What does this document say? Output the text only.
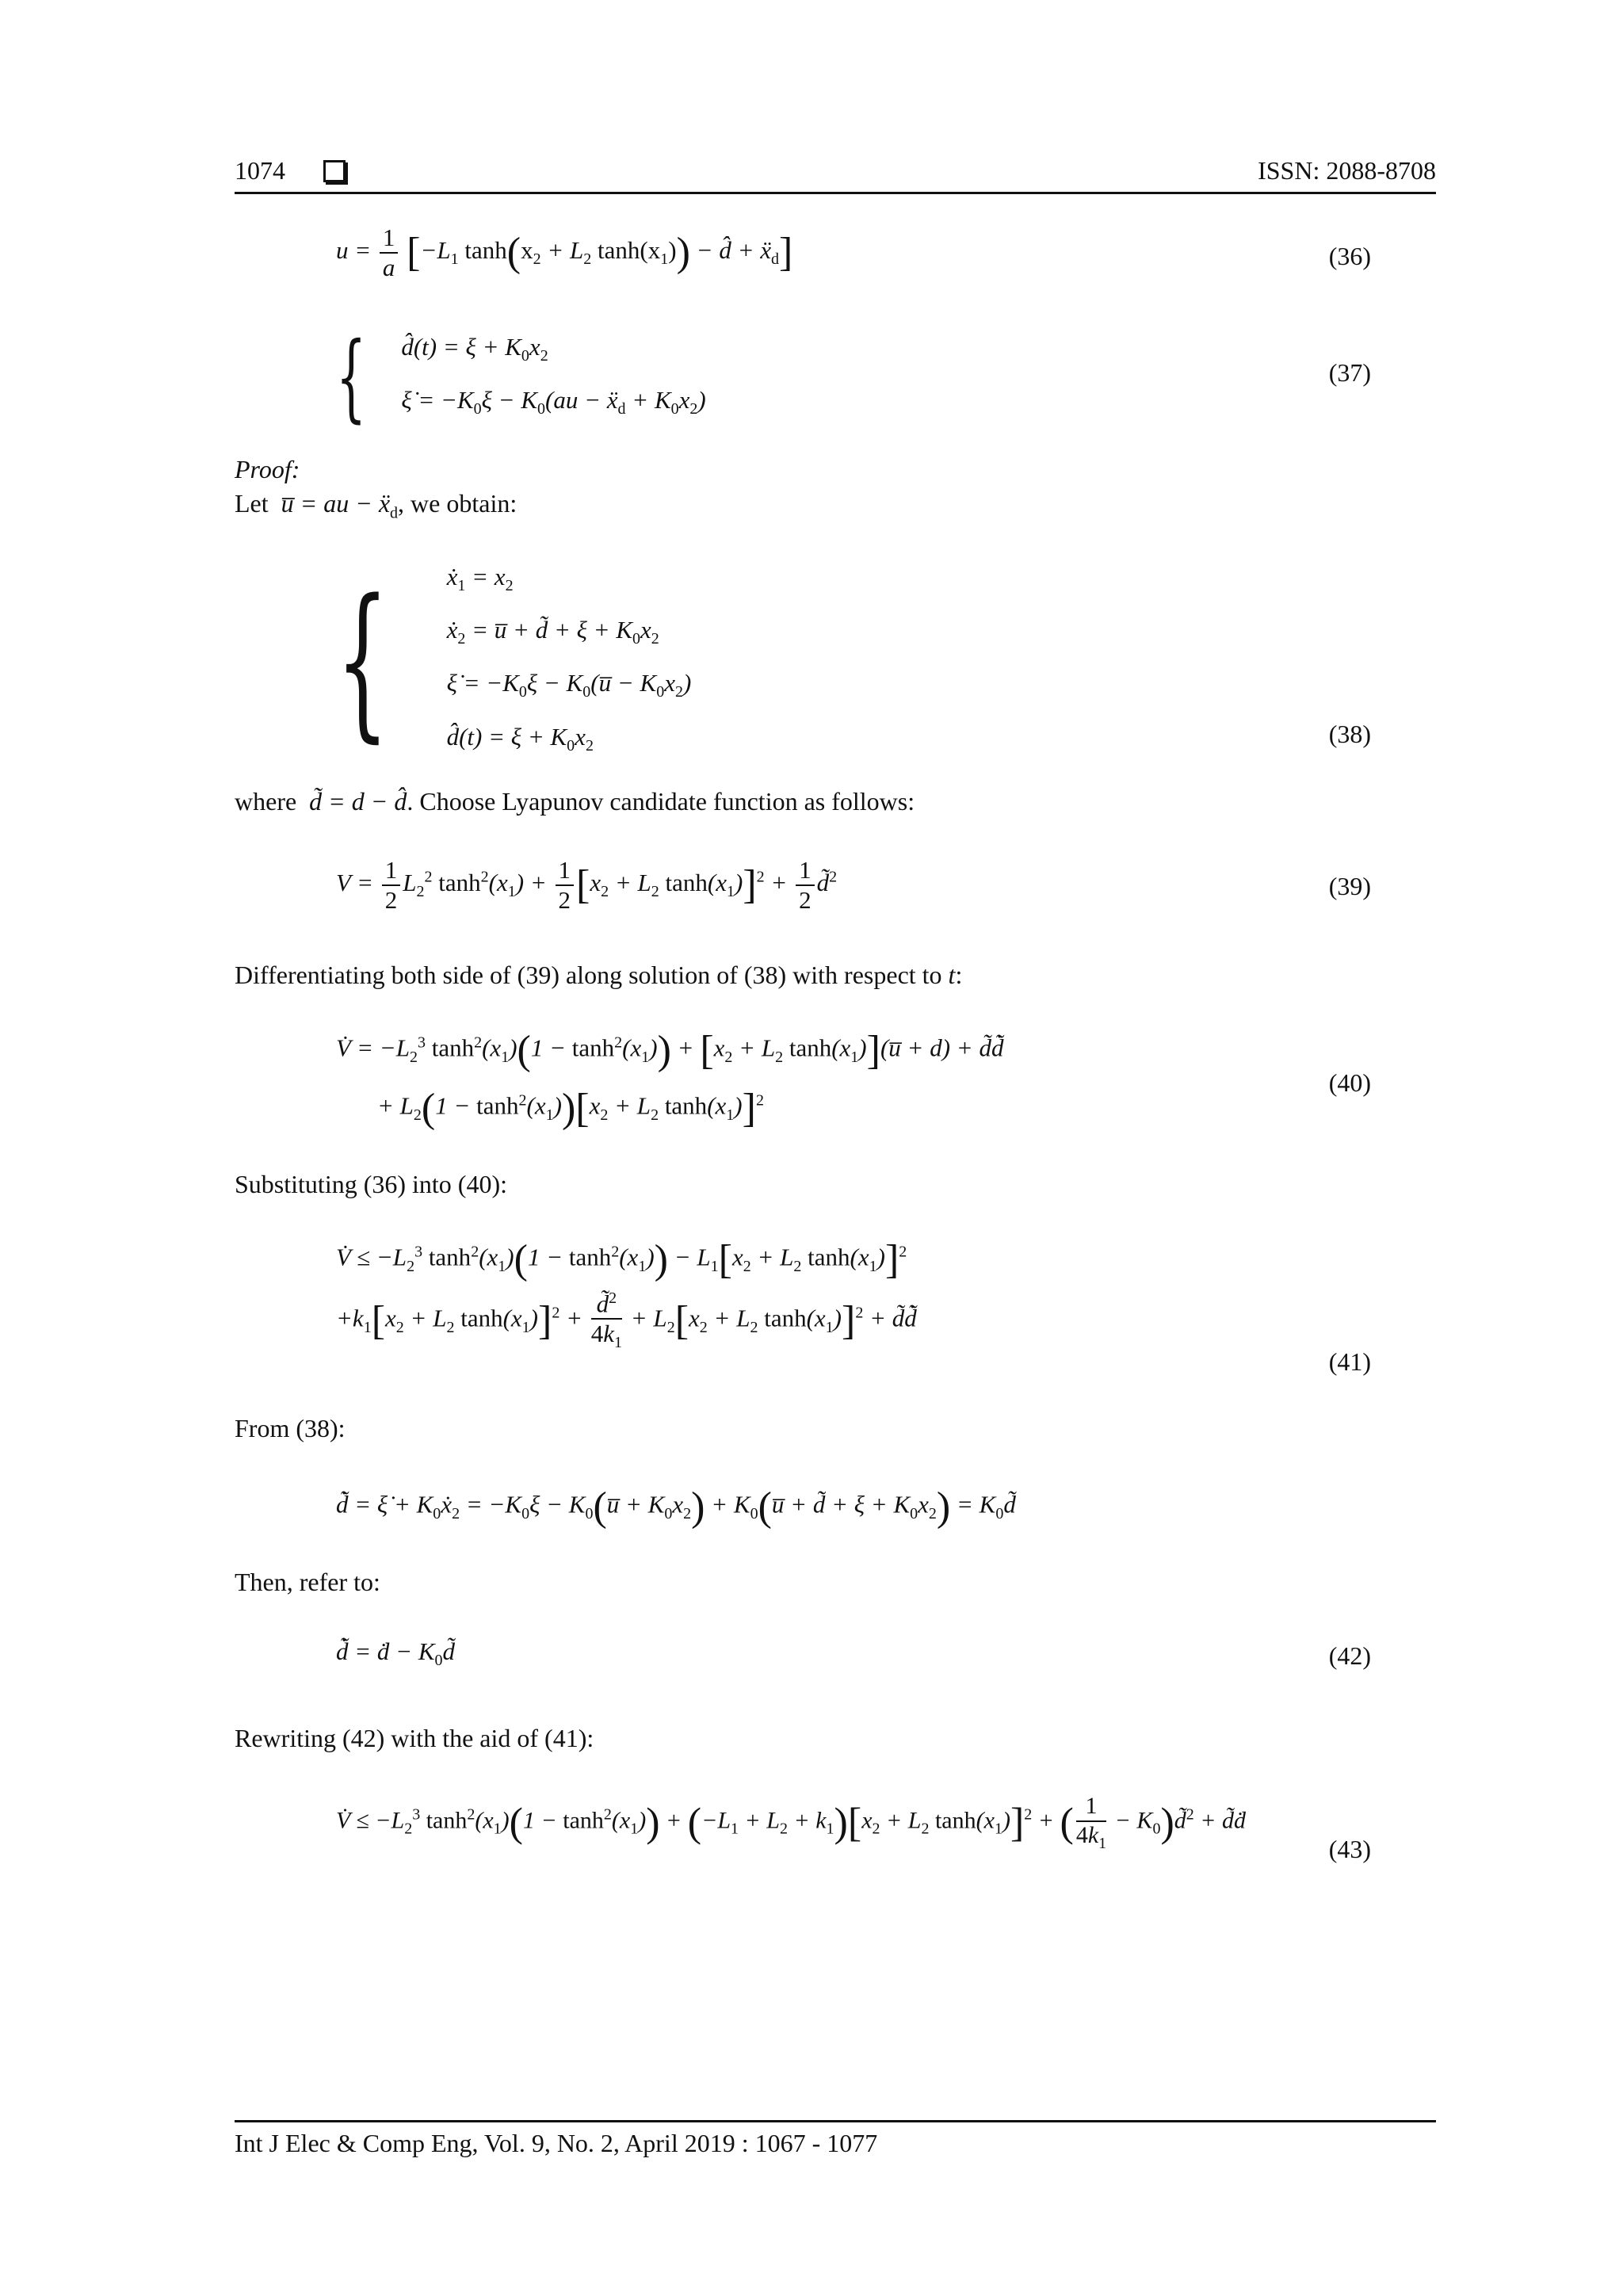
1074	ISSN: 2088-8708
$u = \frac{1}{a} [-L_1$ $\tanh(x_2 + L_2$ $\tanh(x_1)$) − d̂ + $ẍ_d$]	(36)
{ d̂(t) = $\xi + K_0x_2$
ξ̇ = $-K_0\xi - K_0(au$ − $ẍ_d + K_0x_2$)
(37)
Proof:
Let  u̅ = au − $ẍ_d$, we obtain:
{ $ẋ_1 = x_2$
$ẋ_2$ = u̅ + d̃ + $\xi + K_0x_2$
ξ̇ = $-K_0\xi$ − $K_0(u̅ - K_0x_2)$
d̂(t) = $\xi + K_0x_2$	(38)
where  d̃ = d − d̂. Choose Lyapunov candidate function as follows:
$V = \frac{1}{2} L_2^2$ $\tanh^2(x_1) + \frac{1}{2} [x_2 + L_2$ $\tanh(x_1)]^2 + \frac{1}{2}$ d̃$^2$	(39)
Differentiating both side of (39) along solution of (38) with respect to t:
V̇ = $-L_2^3$ $\tanh^2(x_1)(1 - \tanh^2(x_1)) + [x_2 + L_2$ $\tanh(x_1)](u̅ + d)$ + d̃d̃̇
+ $L_2(1 - \tanh^2(x_1))[x_2 + L_2$ $\tanh(x_1)]^2$
(40)
Substituting (36) into (40):
V̇ ≤ $-L_2^3$ $\tanh^2(x_1)(1 - \tanh^2(x_1)) - L_1[x_2 + L_2$ $\tanh(x_1)]^2$
$+k_1[x_2 + L_2$ $\tanh(x_1)]^2 + \frac{d̃^2}{4k_1} + L_2[x_2 + L_2$ $\tanh(x_1)]^2$ + d̃d̃̇
(41)
From (38):
d̃̇ = ξ̇ + $K_0ẋ_2 = -K_0\xi$ − $K_0(u̅ + K_0x_2)$ + $K_0(u̅$ + d̃ + $\xi + K_0x_2$) = $K_0d̃$
Then, refer to:
d̃̇ = ḋ − $K_0d̃$	(42)
Rewriting (42) with the aid of (41):
V̇ ≤ $-L_2^3$ $\tanh^2(x_1)(1 - \tanh^2(x_1)) + (-L_1 + L_2 + k_1)[x_2 + L_2$ $\tanh(x_1)]^2$ + ( $\frac{1}{4k_1}$ − $K_0)d̃^2$ + d̃ḋ
(43)
Int J Elec & Comp Eng, Vol. 9, No. 2, April 2019 : 1067 - 1077
